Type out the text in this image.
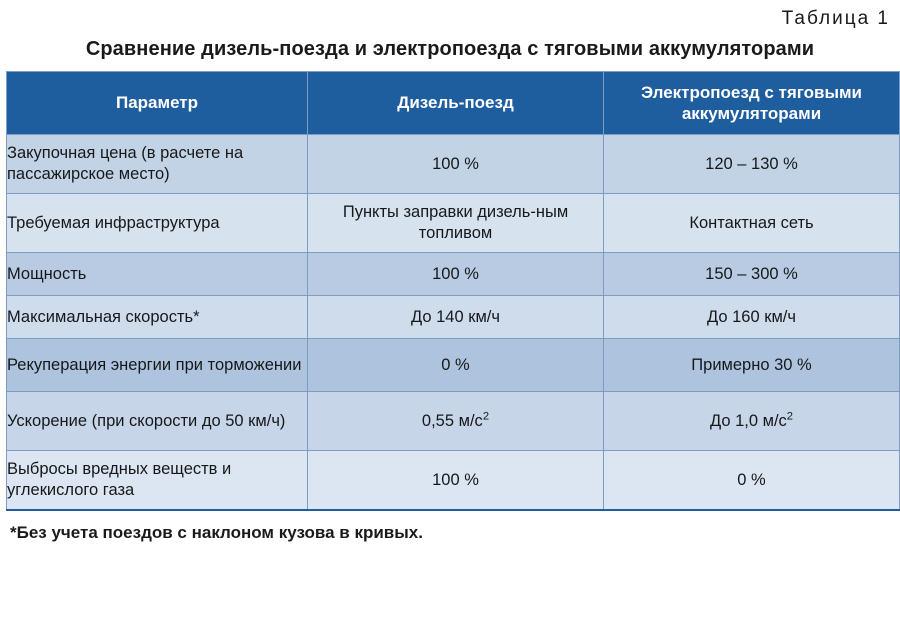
Таблица 1
Сравнение дизель-поезда и электропоезда с тяговыми аккумуляторами
Параметр	Дизель-поезд	Электропоезд с тяговыми аккумуляторами
Закупочная цена (в расчете на пассажирское место)	100 %	120 – 130 %
Требуемая инфраструктура	Пункты заправки дизель-ным топливом	Контактная сеть
Мощность	100 %	150 – 300 %
Максимальная скорость*	До 140 км/ч	До 160 км/ч
Рекуперация энергии при торможении	0 %	Примерно 30 %
Ускорение (при скорости до 50 км/ч)	0,55 $м/с^2$	До 1,0 $м/с^2$
Выбросы вредных веществ и углекислого газа	100 %	0 %
*Без учета поездов с наклоном кузова в кривых.
